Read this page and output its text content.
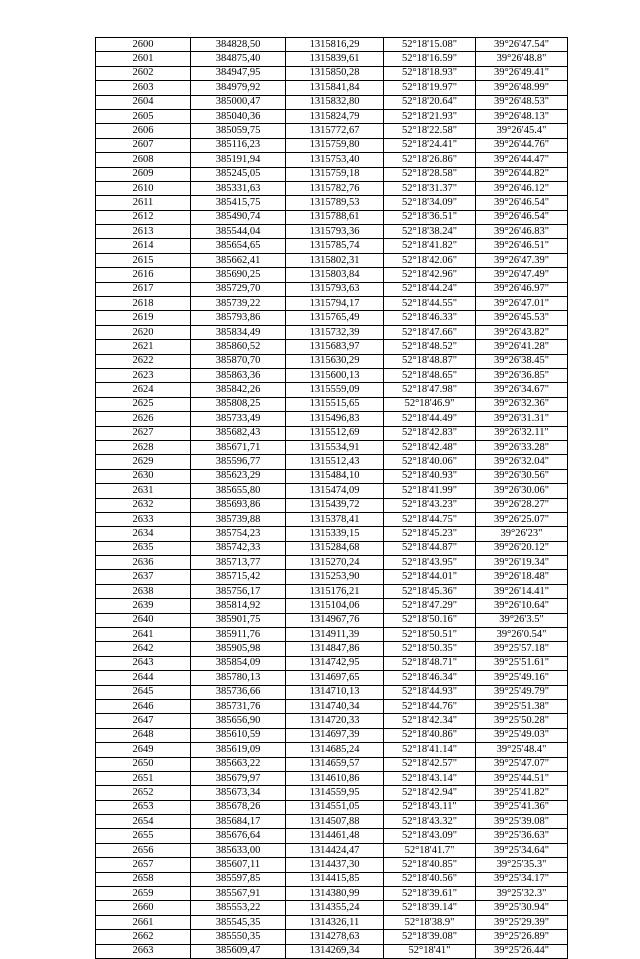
2600	384828,50	1315816,29	52°18'15.08"	39°26'47.54"
2601	384875,40	1315839,61	52°18'16.59"	39°26'48.8"
2602	384947,95	1315850,28	52°18'18.93"	39°26'49.41"
2603	384979,92	1315841,84	52°18'19.97"	39°26'48.99"
2604	385000,47	1315832,80	52°18'20.64"	39°26'48.53"
2605	385040,36	1315824,79	52°18'21.93"	39°26'48.13"
2606	385059,75	1315772,67	52°18'22.58"	39°26'45.4"
2607	385116,23	1315759,80	52°18'24.41"	39°26'44.76"
2608	385191,94	1315753,40	52°18'26.86"	39°26'44.47"
2609	385245,05	1315759,18	52°18'28.58"	39°26'44.82"
2610	385331,63	1315782,76	52°18'31.37"	39°26'46.12"
2611	385415,75	1315789,53	52°18'34.09"	39°26'46.54"
2612	385490,74	1315788,61	52°18'36.51"	39°26'46.54"
2613	385544,04	1315793,36	52°18'38.24"	39°26'46.83"
2614	385654,65	1315785,74	52°18'41.82"	39°26'46.51"
2615	385662,41	1315802,31	52°18'42.06"	39°26'47.39"
2616	385690,25	1315803,84	52°18'42.96"	39°26'47.49"
2617	385729,70	1315793,63	52°18'44.24"	39°26'46.97"
2618	385739,22	1315794,17	52°18'44.55"	39°26'47.01"
2619	385793,86	1315765,49	52°18'46.33"	39°26'45.53"
2620	385834,49	1315732,39	52°18'47.66"	39°26'43.82"
2621	385860,52	1315683,97	52°18'48.52"	39°26'41.28"
2622	385870,70	1315630,29	52°18'48.87"	39°26'38.45"
2623	385863,36	1315600,13	52°18'48.65"	39°26'36.85"
2624	385842,26	1315559,09	52°18'47.98"	39°26'34.67"
2625	385808,25	1315515,65	52°18'46.9"	39°26'32.36"
2626	385733,49	1315496,83	52°18'44.49"	39°26'31.31"
2627	385682,43	1315512,69	52°18'42.83"	39°26'32.11"
2628	385671,71	1315534,91	52°18'42.48"	39°26'33.28"
2629	385596,77	1315512,43	52°18'40.06"	39°26'32.04"
2630	385623,29	1315484,10	52°18'40.93"	39°26'30.56"
2631	385655,80	1315474,09	52°18'41.99"	39°26'30.06"
2632	385693,86	1315439,72	52°18'43.23"	39°26'28.27"
2633	385739,88	1315378,41	52°18'44.75"	39°26'25.07"
2634	385754,23	1315339,15	52°18'45.23"	39°26'23"
2635	385742,33	1315284,68	52°18'44.87"	39°26'20.12"
2636	385713,77	1315270,24	52°18'43.95"	39°26'19.34"
2637	385715,42	1315253,90	52°18'44.01"	39°26'18.48"
2638	385756,17	1315176,21	52°18'45.36"	39°26'14.41"
2639	385814,92	1315104,06	52°18'47.29"	39°26'10.64"
2640	385901,75	1314967,76	52°18'50.16"	39°26'3.5"
2641	385911,76	1314911,39	52°18'50.51"	39°26'0.54"
2642	385905,98	1314847,86	52°18'50.35"	39°25'57.18"
2643	385854,09	1314742,95	52°18'48.71"	39°25'51.61"
2644	385780,13	1314697,65	52°18'46.34"	39°25'49.16"
2645	385736,66	1314710,13	52°18'44.93"	39°25'49.79"
2646	385731,76	1314740,34	52°18'44.76"	39°25'51.38"
2647	385656,90	1314720,33	52°18'42.34"	39°25'50.28"
2648	385610,59	1314697,39	52°18'40.86"	39°25'49.03"
2649	385619,09	1314685,24	52°18'41.14"	39°25'48.4"
2650	385663,22	1314659,57	52°18'42.57"	39°25'47.07"
2651	385679,97	1314610,86	52°18'43.14"	39°25'44.51"
2652	385673,34	1314559,95	52°18'42.94"	39°25'41.82"
2653	385678,26	1314551,05	52°18'43.11"	39°25'41.36"
2654	385684,17	1314507,88	52°18'43.32"	39°25'39.08"
2655	385676,64	1314461,48	52°18'43.09"	39°25'36.63"
2656	385633,00	1314424,47	52°18'41.7"	39°25'34.64"
2657	385607,11	1314437,30	52°18'40.85"	39°25'35.3"
2658	385597,85	1314415,85	52°18'40.56"	39°25'34.17"
2659	385567,91	1314380,99	52°18'39.61"	39°25'32.3"
2660	385553,22	1314355,24	52°18'39.14"	39°25'30.94"
2661	385545,35	1314326,11	52°18'38.9"	39°25'29.39"
2662	385550,35	1314278,63	52°18'39.08"	39°25'26.89"
2663	385609,47	1314269,34	52°18'41"	39°25'26.44"
